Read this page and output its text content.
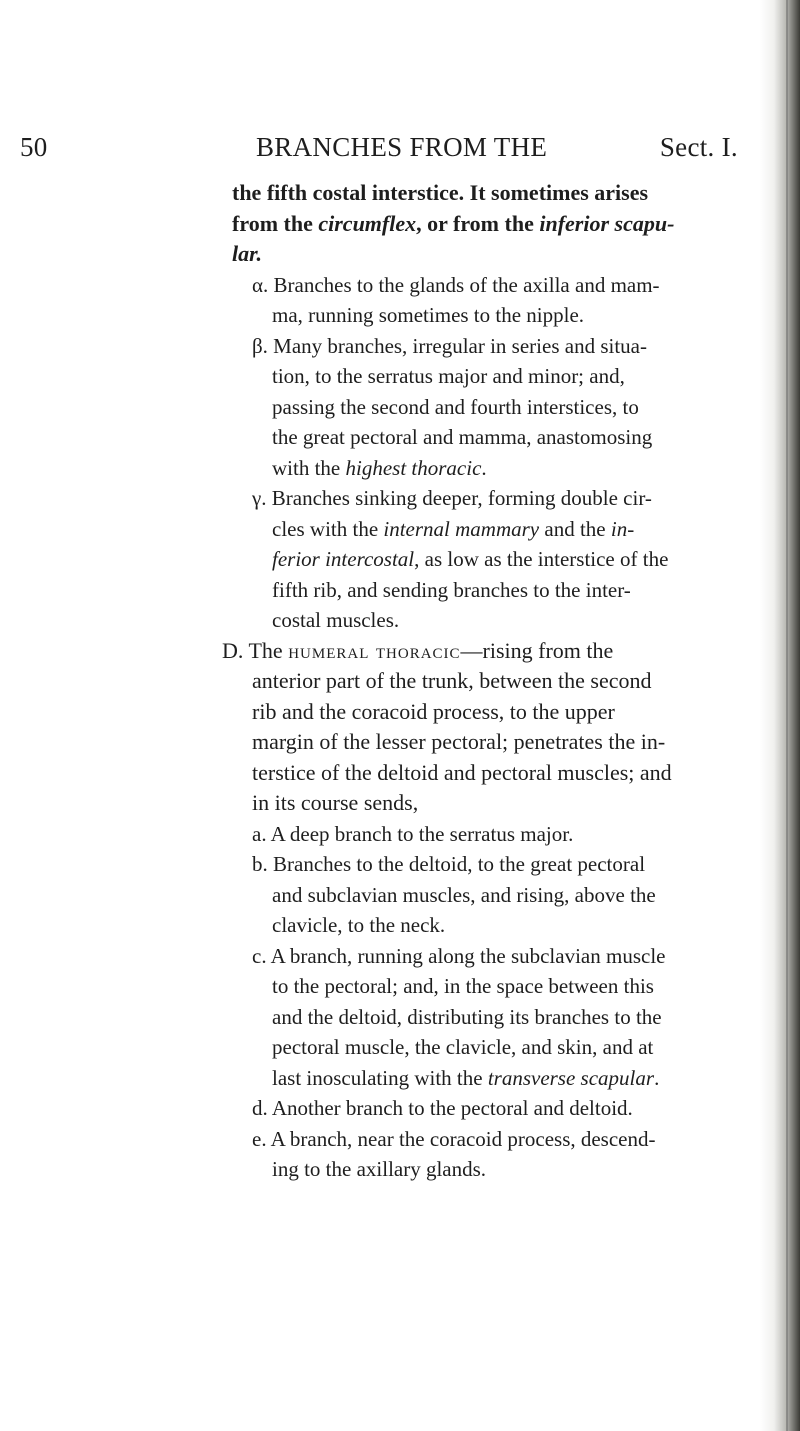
50	BRANCHES FROM THE	Sect. I.
the fifth costal interstice. It sometimes arises
from the circumflex, or from the inferior scapu-
lar.
α. Branches to the glands of the axilla and mam-
ma, running sometimes to the nipple.
β. Many branches, irregular in series and situa-
tion, to the serratus major and minor; and,
passing the second and fourth interstices, to
the great pectoral and mamma, anastomosing
with the highest thoracic.
γ. Branches sinking deeper, forming double cir-
cles with the internal mammary and the in-
ferior intercostal, as low as the interstice of the
fifth rib, and sending branches to the inter-
costal muscles.
D. The humeral thoracic—rising from the
anterior part of the trunk, between the second
rib and the coracoid process, to the upper
margin of the lesser pectoral; penetrates the in-
terstice of the deltoid and pectoral muscles; and
in its course sends,
a. A deep branch to the serratus major.
b. Branches to the deltoid, to the great pectoral
and subclavian muscles, and rising, above the
clavicle, to the neck.
c. A branch, running along the subclavian muscle
to the pectoral; and, in the space between this
and the deltoid, distributing its branches to the
pectoral muscle, the clavicle, and skin, and at
last inosculating with the transverse scapular.
d. Another branch to the pectoral and deltoid.
e. A branch, near the coracoid process, descend-
ing to the axillary glands.
